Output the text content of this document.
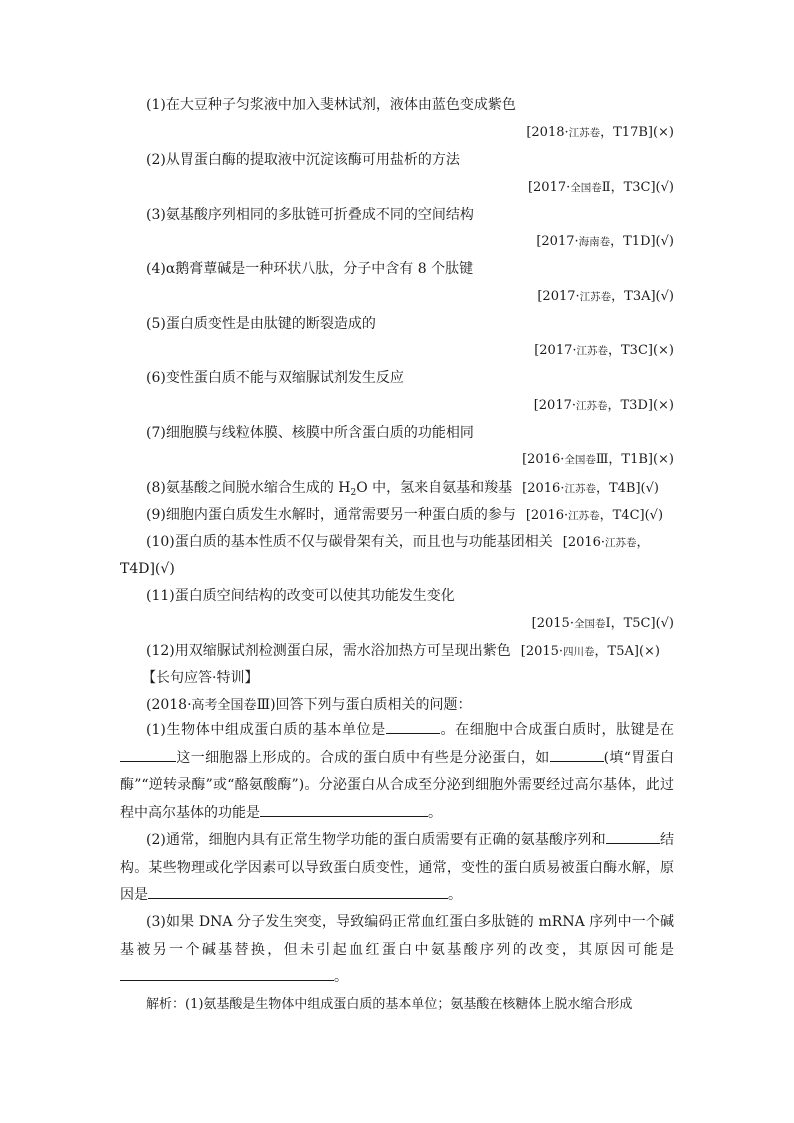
(1)在大豆种子匀浆液中加入斐林试剂，液体由蓝色变成紫色
[2018·江苏卷，T17B](×)
(2)从胃蛋白酶的提取液中沉淀该酶可用盐析的方法
[2017·全国卷Ⅱ，T3C](√)
(3)氨基酸序列相同的多肽链可折叠成不同的空间结构
[2017·海南卷，T1D](√)
(4)α鹅膏蕈碱是一种环状八肽，分子中含有 8 个肽键
[2017·江苏卷，T3A](√)
(5)蛋白质变性是由肽键的断裂造成的
[2017·江苏卷，T3C](×)
(6)变性蛋白质不能与双缩脲试剂发生反应
[2017·江苏卷，T3D](×)
(7)细胞膜与线粒体膜、核膜中所含蛋白质的功能相同
[2016·全国卷Ⅲ，T1B](×)
(8)氨基酸之间脱水缩合生成的 $H_2O$ 中，氢来自氨基和羧基 [2016·江苏卷，T4B](√)
(9)细胞内蛋白质发生水解时，通常需要另一种蛋白质的参与 [2016·江苏卷，T4C](√)
(10)蛋白质的基本性质不仅与碳骨架有关，而且也与功能基团相关 [2016·江苏卷，
T4D](√)
(11)蛋白质空间结构的改变可以使其功能发生变化
[2015·全国卷Ⅰ，T5C](√)
(12)用双缩脲试剂检测蛋白尿，需水浴加热方可呈现出紫色 [2015·四川卷，T5A](×)
【长句应答·特训】
(2018·高考全国卷Ⅲ)回答下列与蛋白质相关的问题：
(1)生物体中组成蛋白质的基本单位是	。在细胞中合成蛋白质时，肽键是在这一细胞器上形成的。合成的蛋白质中有些是分泌蛋白，如	(填“胃蛋白酶”“逆转录酶”或“酪氨酸酶”)。分泌蛋白从合成至分泌到细胞外需要经过高尔基体，此过程中高尔基体的功能是	。
(2)通常，细胞内具有正常生物学功能的蛋白质需要有正确的氨基酸序列和	结构。某些物理或化学因素可以导致蛋白质变性，通常，变性的蛋白质易被蛋白酶水解，原因是	。
(3)如果 DNA 分子发生突变，导致编码正常血红蛋白多肽链的 mRNA 序列中一个碱基被另一个碱基替换，但未引起血红蛋白中氨基酸序列的改变，其原因可能是。
解析：(1)氨基酸是生物体中组成蛋白质的基本单位；氨基酸在核糖体上脱水缩合形成
